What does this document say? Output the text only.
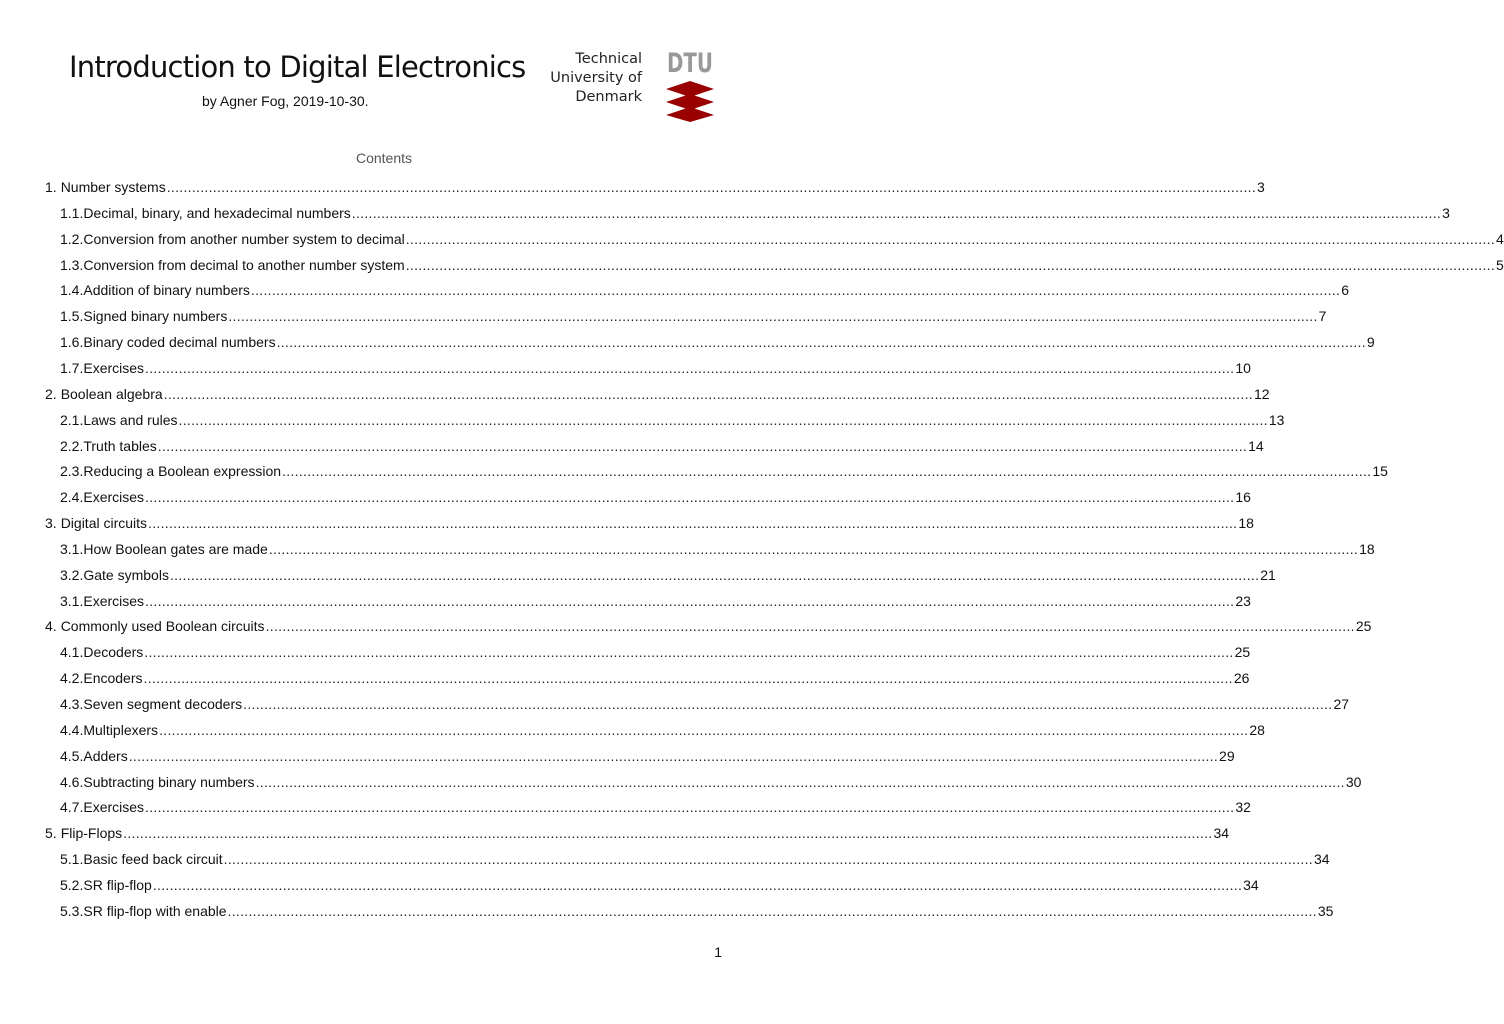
Introduction to Digital Electronics
by Agner Fog, 2019-10-30.
Technical
University of
Denmark
DTU
Contents
1. Number systems .................................................................................................................................................................................................................................................................... 3
1.1. Decimal, binary, and hexadecimal numbers .................................................................................................................................................................................................................................................................... 3
1.2. Conversion from another number system to decimal .................................................................................................................................................................................................................................................................... 4
1.3. Conversion from decimal to another number system .................................................................................................................................................................................................................................................................... 5
1.4. Addition of binary numbers .................................................................................................................................................................................................................................................................... 6
1.5. Signed binary numbers .................................................................................................................................................................................................................................................................... 7
1.6. Binary coded decimal numbers .................................................................................................................................................................................................................................................................... 9
1.7. Exercises .................................................................................................................................................................................................................................................................... 10
2. Boolean algebra .................................................................................................................................................................................................................................................................... 12
2.1. Laws and rules .................................................................................................................................................................................................................................................................... 13
2.2. Truth tables .................................................................................................................................................................................................................................................................... 14
2.3. Reducing a Boolean expression .................................................................................................................................................................................................................................................................... 15
2.4. Exercises .................................................................................................................................................................................................................................................................... 16
3. Digital circuits .................................................................................................................................................................................................................................................................... 18
3.1. How Boolean gates are made .................................................................................................................................................................................................................................................................... 18
3.2. Gate symbols .................................................................................................................................................................................................................................................................... 21
3.1. Exercises .................................................................................................................................................................................................................................................................... 23
4. Commonly used Boolean circuits .................................................................................................................................................................................................................................................................... 25
4.1. Decoders .................................................................................................................................................................................................................................................................... 25
4.2. Encoders .................................................................................................................................................................................................................................................................... 26
4.3. Seven segment decoders .................................................................................................................................................................................................................................................................... 27
4.4. Multiplexers .................................................................................................................................................................................................................................................................... 28
4.5. Adders .................................................................................................................................................................................................................................................................... 29
4.6. Subtracting binary numbers .................................................................................................................................................................................................................................................................... 30
4.7. Exercises .................................................................................................................................................................................................................................................................... 32
5. Flip-Flops .................................................................................................................................................................................................................................................................... 34
5.1. Basic feed back circuit .................................................................................................................................................................................................................................................................... 34
5.2. SR flip-flop .................................................................................................................................................................................................................................................................... 34
5.3. SR flip-flop with enable .................................................................................................................................................................................................................................................................... 35
1
